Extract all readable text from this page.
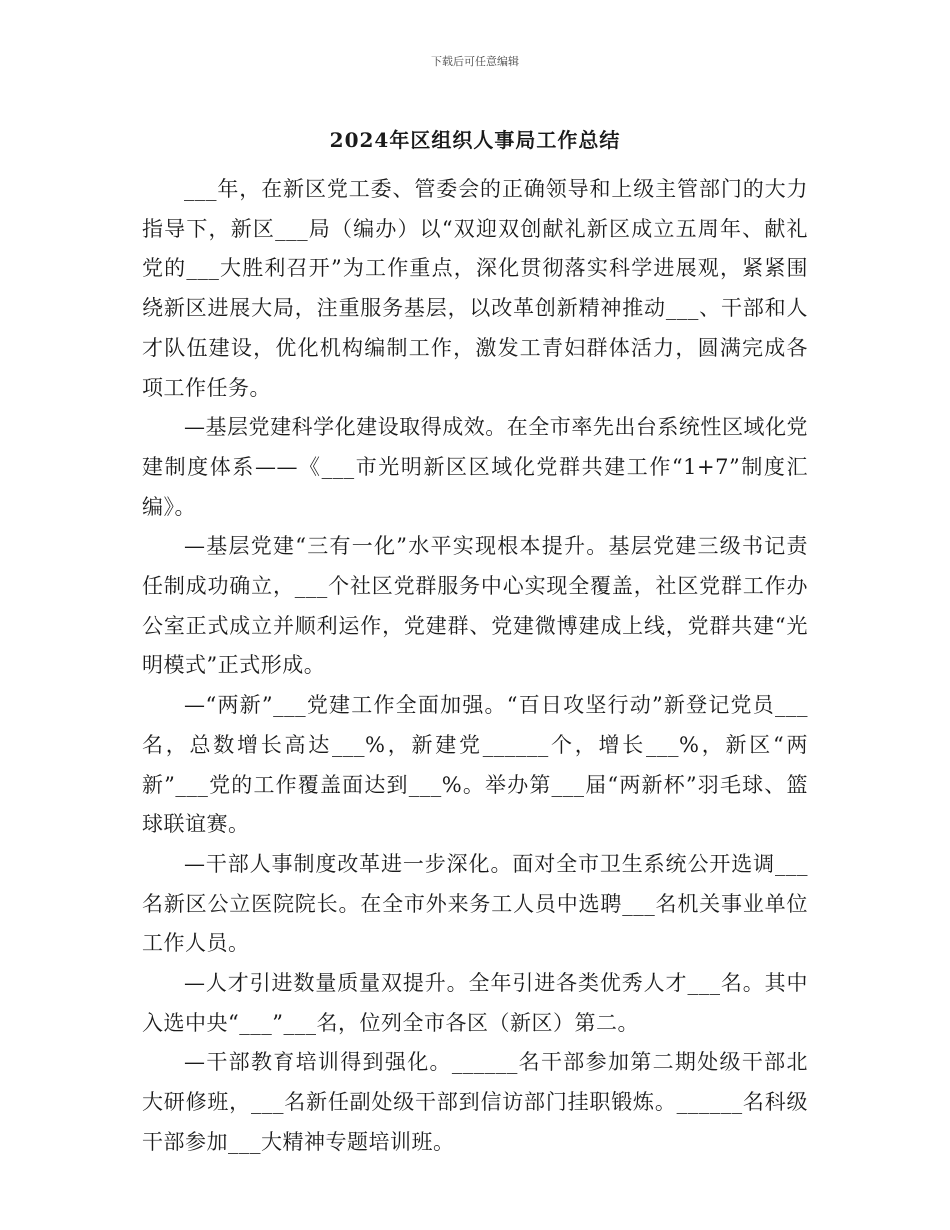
下载后可任意编辑
2024年区组织人事局工作总结

___年，在新区党工委、管委会的正确领导和上级主管部门的大力指导下，新区___局（编办）以“双迎双创献礼新区成立五周年、献礼党的___大胜利召开”为工作重点，深化贯彻落实科学进展观，紧紧围绕新区进展大局，注重服务基层，以改革创新精神推动___、干部和人才队伍建设，优化机构编制工作，激发工青妇群体活力，圆满完成各项工作任务。

—基层党建科学化建设取得成效。在全市率先出台系统性区域化党建制度体系——《___市光明新区区域化党群共建工作“1+7”制度汇编》。

—基层党建“三有一化”水平实现根本提升。基层党建三级书记责任制成功确立，___个社区党群服务中心实现全覆盖，社区党群工作办公室正式成立并顺利运作，党建群、党建微博建成上线，党群共建“光明模式”正式形成。

—“两新”___党建工作全面加强。“百日攻坚行动”新登记党员___名，总数增长高达___%，新建党______个，增长___%，新区“两新”___党的工作覆盖面达到___%。举办第___届“两新杯”羽毛球、篮球联谊赛。

—干部人事制度改革进一步深化。面对全市卫生系统公开选调___名新区公立医院院长。在全市外来务工人员中选聘___名机关事业单位工作人员。

—人才引进数量质量双提升。全年引进各类优秀人才___名。其中入选中央“___”___名，位列全市各区（新区）第二。

—干部教育培训得到强化。______名干部参加第二期处级干部北大研修班，___名新任副处级干部到信访部门挂职锻炼。______名科级干部参加___大精神专题培训班。
